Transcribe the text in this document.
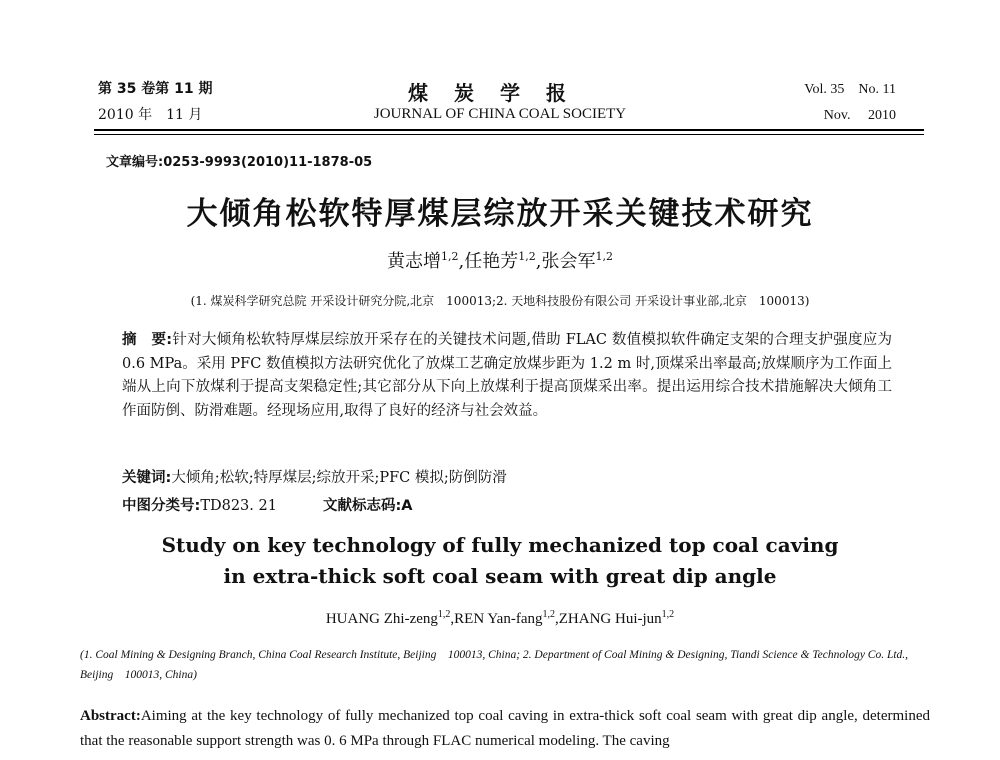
第 35 卷第 11 期
2010 年　11 月
煤炭学报
JOURNAL OF CHINA COAL SOCIETY
Vol. 35　No. 11
Nov.　 2010
文章编号:0253-9993(2010)11-1878-05
大倾角松软特厚煤层综放开采关键技术研究
黄志增$^{1,2}$,任艳芳$^{1,2}$,张会军$^{1,2}$
(1. 煤炭科学研究总院 开采设计研究分院,北京　100013;2. 天地科技股份有限公司 开采设计事业部,北京　100013)
摘　要:针对大倾角松软特厚煤层综放开采存在的关键技术问题,借助 FLAC 数值模拟软件确定支架的合理支护强度应为 0.6 MPa。采用 PFC 数值模拟方法研究优化了放煤工艺确定放煤步距为 1.2 m 时,顶煤采出率最高;放煤顺序为工作面上端从上向下放煤利于提高支架稳定性;其它部分从下向上放煤利于提高顶煤采出率。提出运用综合技术措施解决大倾角工作面防倒、防滑难题。经现场应用,取得了良好的经济与社会效益。
关键词:大倾角;松软;特厚煤层;综放开采;PFC 模拟;防倒防滑
中图分类号:TD823. 21	文献标志码:A
Study on key technology of fully mechanized top coal caving
in extra-thick soft coal seam with great dip angle
HUANG Zhi-zeng$^{1,2}$,REN Yan-fang$^{1,2}$,ZHANG Hui-jun$^{1,2}$
(1. Coal Mining & Designing Branch, China Coal Research Institute, Beijing　100013, China; 2. Department of Coal Mining & Designing, Tiandi Science & Technology Co. Ltd., Beijing　100013, China)
Abstract:Aiming at the key technology of fully mechanized top coal caving in extra-thick soft coal seam with great dip angle, determined that the reasonable support strength was 0. 6 MPa through FLAC numerical modeling. The caving
